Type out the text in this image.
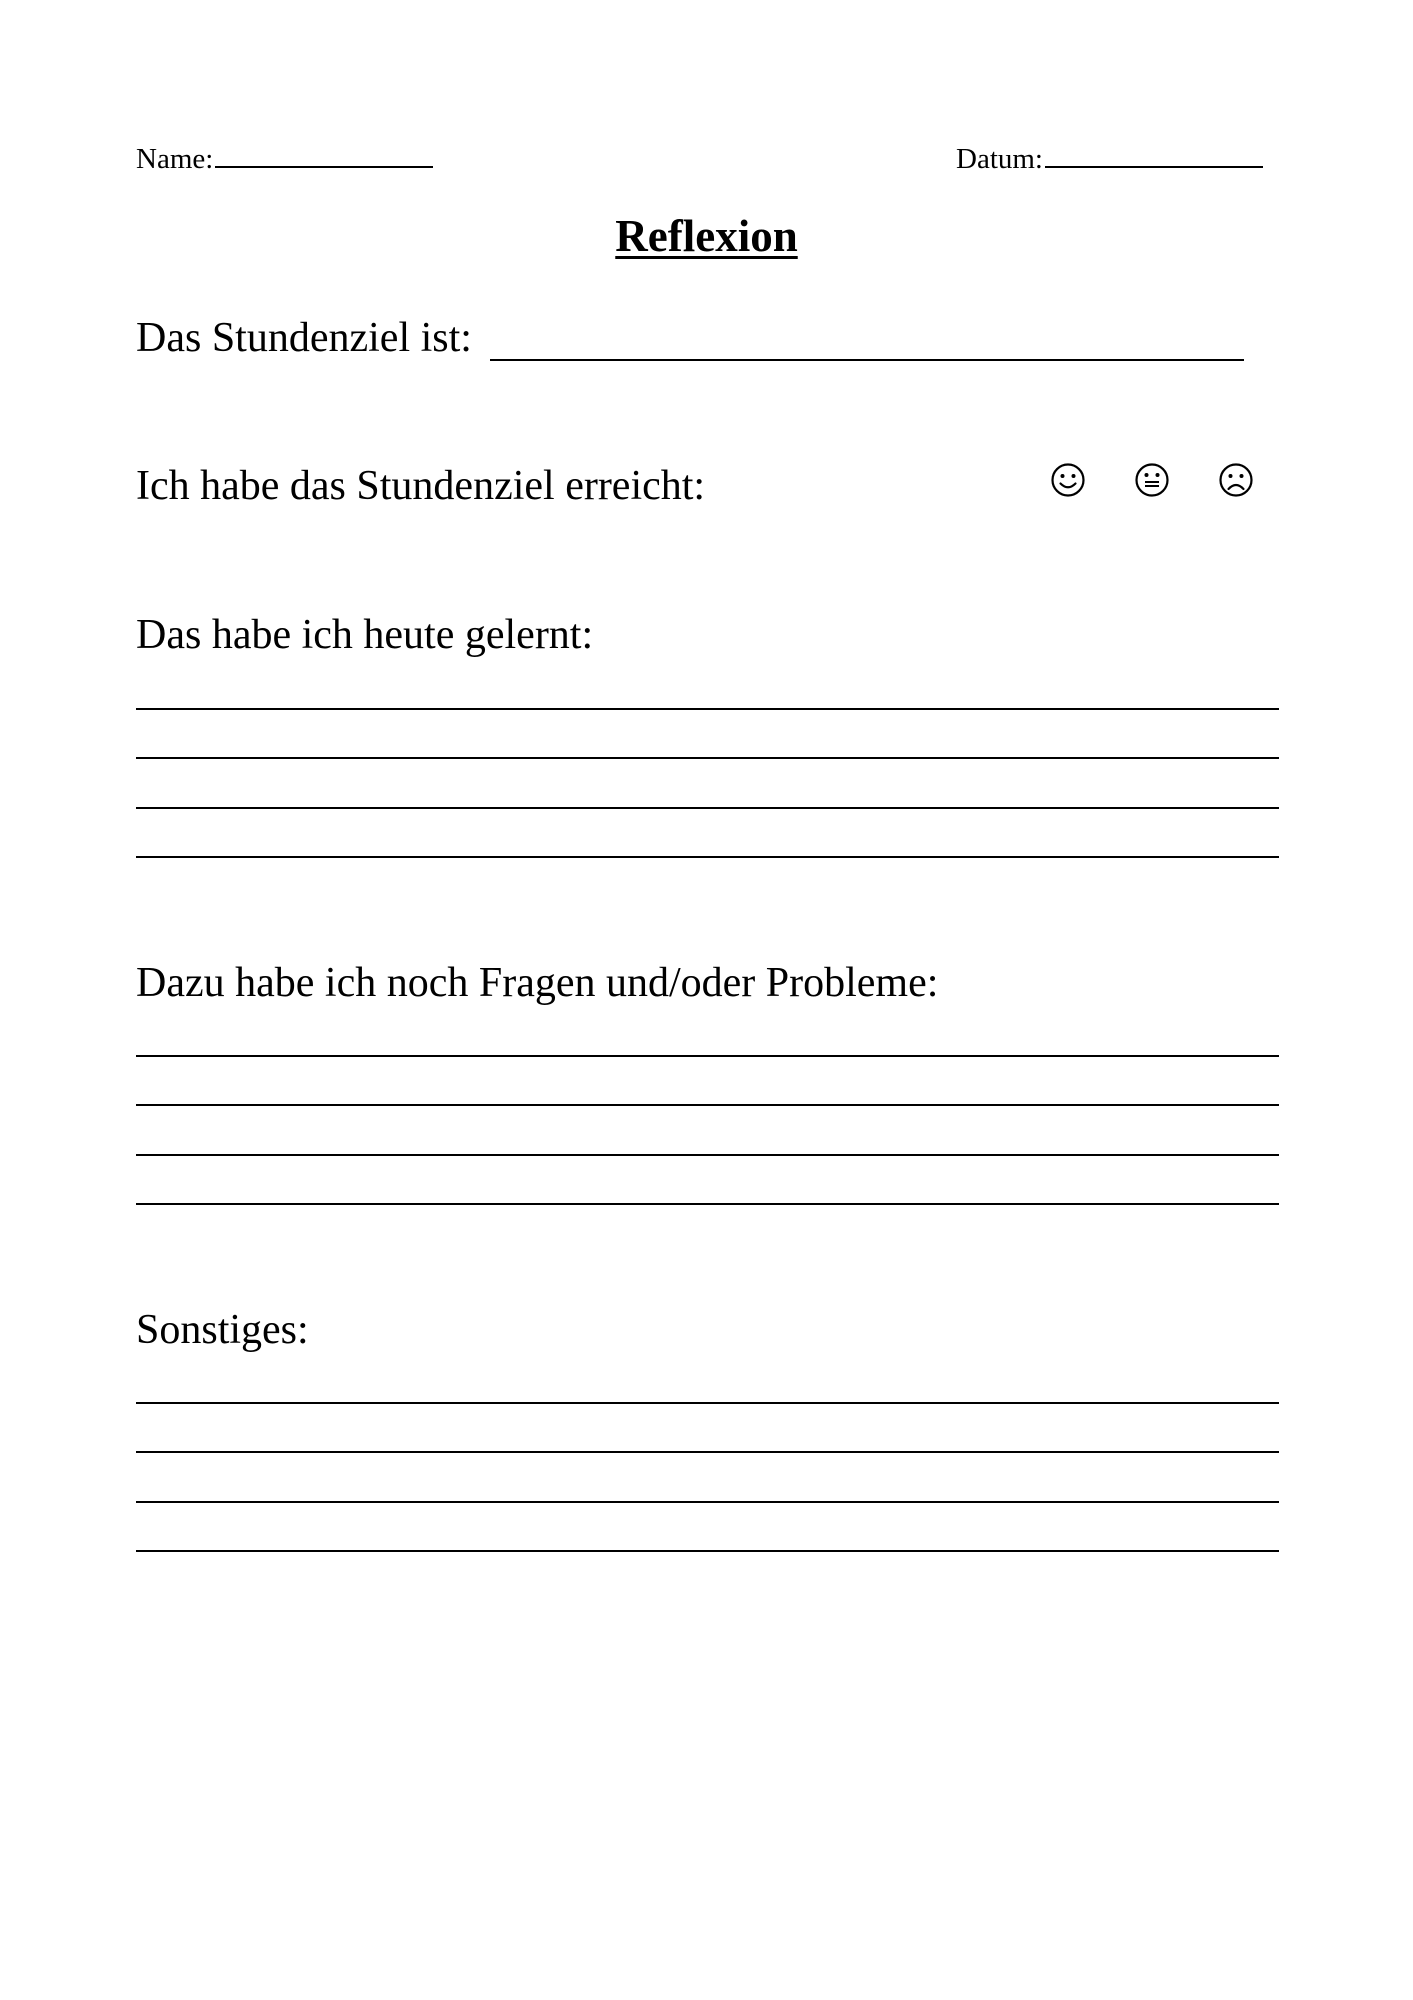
Name:	Datum:
Reflexion
Das Stundenziel ist:
Ich habe das Stundenziel erreicht:

Das habe ich heute gelernt:
Dazu habe ich noch Fragen und/oder Probleme:
Sonstiges:
